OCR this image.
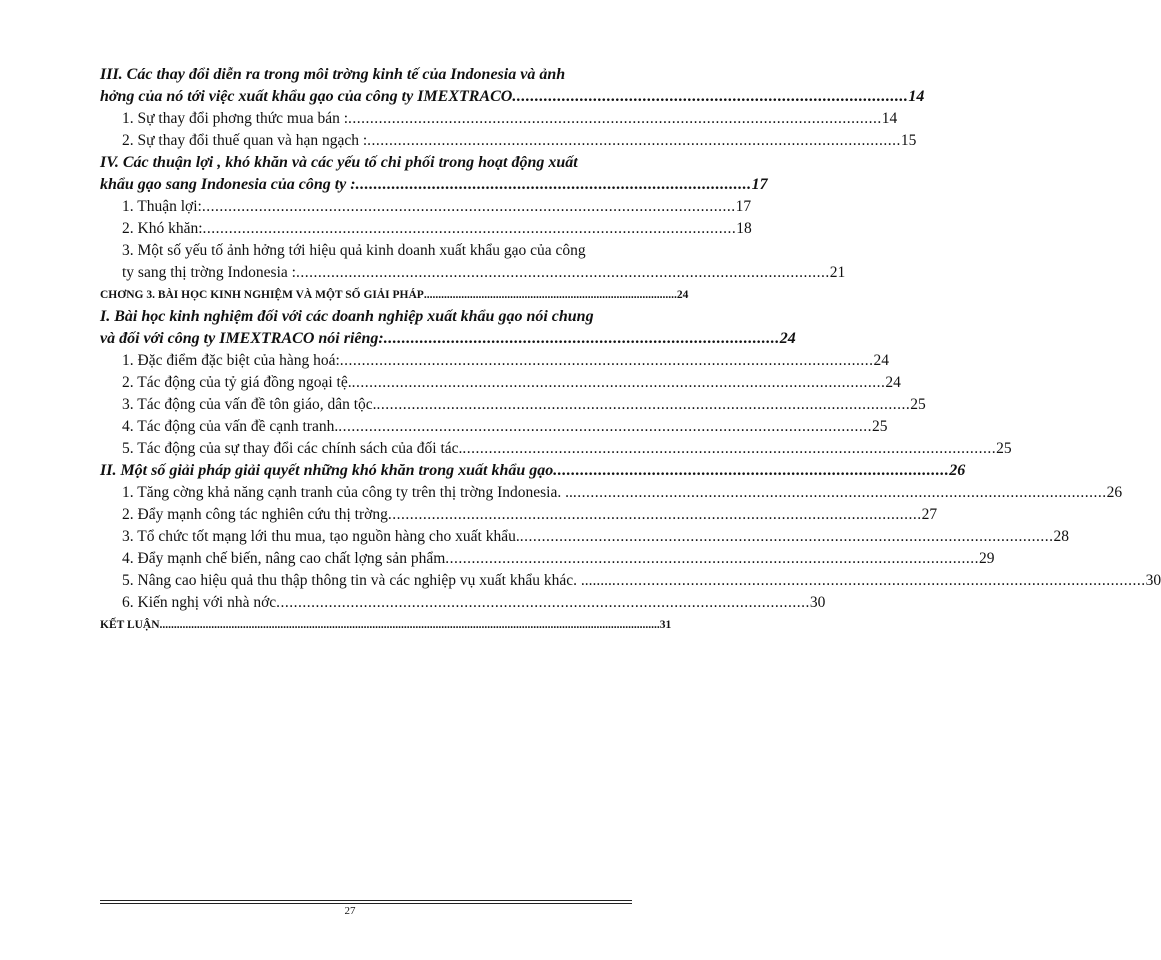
III. Các thay đổi diễn ra trong môi trờng kinh tế của Indonesia và ảnh
hởng của nó tới việc xuất khẩu gạo của công ty IMEXTRACO ........................................................................................ 14
1. Sự thay đổi phơng thức mua bán : .......................................................................................................................... 14
2. Sự thay đổi thuế quan và hạn ngạch : .......................................................................................................................... 15
IV. Các thuận lợi , khó khăn và các yếu tố chi phối trong hoạt động xuất
khẩu gạo sang Indonesia của công ty : ........................................................................................ 17
1. Thuận lợi: .......................................................................................................................... 17
2. Khó khăn: .......................................................................................................................... 18
3. Một số yếu tố ảnh hởng tới hiệu quả kinh doanh xuất khẩu gạo của công
ty sang thị trờng Indonesia : .......................................................................................................................... 21
CHƠNG 3. BÀI HỌC KINH NGHIỆM VÀ MỘT SỐ GIẢI PHÁP ........................................................................................ 24
I. Bài học kinh nghiệm đối với các doanh nghiệp xuất khẩu gạo nói chung
và đối với công ty IMEXTRACO nói riêng: ........................................................................................ 24
1. Đặc điểm đặc biệt của hàng hoá: .......................................................................................................................... 24
2. Tác động của tỷ giá đồng ngoại tệ. .......................................................................................................................... 24
3. Tác động của vấn đề tôn giáo, dân tộc. .......................................................................................................................... 25
4. Tác động của vấn đề cạnh tranh. .......................................................................................................................... 25
5. Tác động của sự thay đổi các chính sách của đối tác. .......................................................................................................................... 25
II. Một số giải pháp giải quyết những khó khăn trong xuất khẩu gạo ........................................................................................ 26
1. Tăng cờng khả năng cạnh tranh của công ty trên thị trờng Indonesia. .. .......................................................................................................................... 26
2. Đẩy mạnh công tác nghiên cứu thị trờng .......................................................................................................................... 27
3. Tổ chức tốt mạng lới thu mua, tạo nguồn hàng cho xuất khẩu. .......................................................................................................................... 28
4. Đẩy mạnh chế biến, nâng cao chất lợng sản phẩm .......................................................................................................................... 29
5. Nâng cao hiệu quả thu thập thông tin và các nghiệp vụ xuất khẩu khác. ........ .......................................................................................................................... 30
6. Kiến nghị với nhà nớc .......................................................................................................................... 30
KẾT LUẬN .............................................................................................................................................................................. 31
27
